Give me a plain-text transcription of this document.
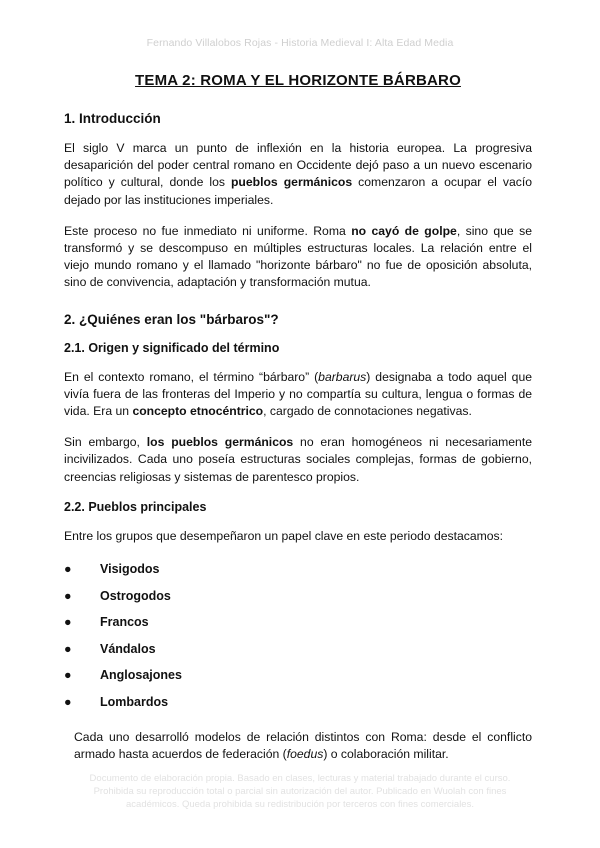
Fernando Villalobos Rojas - Historia Medieval I: Alta Edad Media
TEMA 2: ROMA Y EL HORIZONTE BÁRBARO
1. Introducción

El siglo V marca un punto de inflexión en la historia europea. La progresiva desaparición del poder central romano en Occidente dejó paso a un nuevo escenario político y cultural, donde los pueblos germánicos comenzaron a ocupar el vacío dejado por las instituciones imperiales.

Este proceso no fue inmediato ni uniforme. Roma no cayó de golpe, sino que se transformó y se descompuso en múltiples estructuras locales. La relación entre el viejo mundo romano y el llamado "horizonte bárbaro" no fue de oposición absoluta, sino de convivencia, adaptación y transformación mutua.

2. ¿Quiénes eran los "bárbaros"?
2.1. Origen y significado del término

En el contexto romano, el término “bárbaro” (barbarus) designaba a todo aquel que vivía fuera de las fronteras del Imperio y no compartía su cultura, lengua o formas de vida. Era un concepto etnocéntrico, cargado de connotaciones negativas.

Sin embargo, los pueblos germánicos no eran homogéneos ni necesariamente incivilizados. Cada uno poseía estructuras sociales complejas, formas de gobierno, creencias religiosas y sistemas de parentesco propios.

2.2. Pueblos principales

Entre los grupos que desempeñaron un papel clave en este periodo destacamos:

● Visigodos
● Ostrogodos
● Francos
● Vándalos
● Anglosajones
● Lombardos

Cada uno desarrolló modelos de relación distintos con Roma: desde el conflicto armado hasta acuerdos de federación (foedus) o colaboración militar.

Documento de elaboración propia. Basado en clases, lecturas y material trabajado durante el curso. Prohibida su reproducción total o parcial sin autorización del autor. Publicado en Wuolah con fines académicos. Queda prohibida su redistribución por terceros con fines comerciales.
